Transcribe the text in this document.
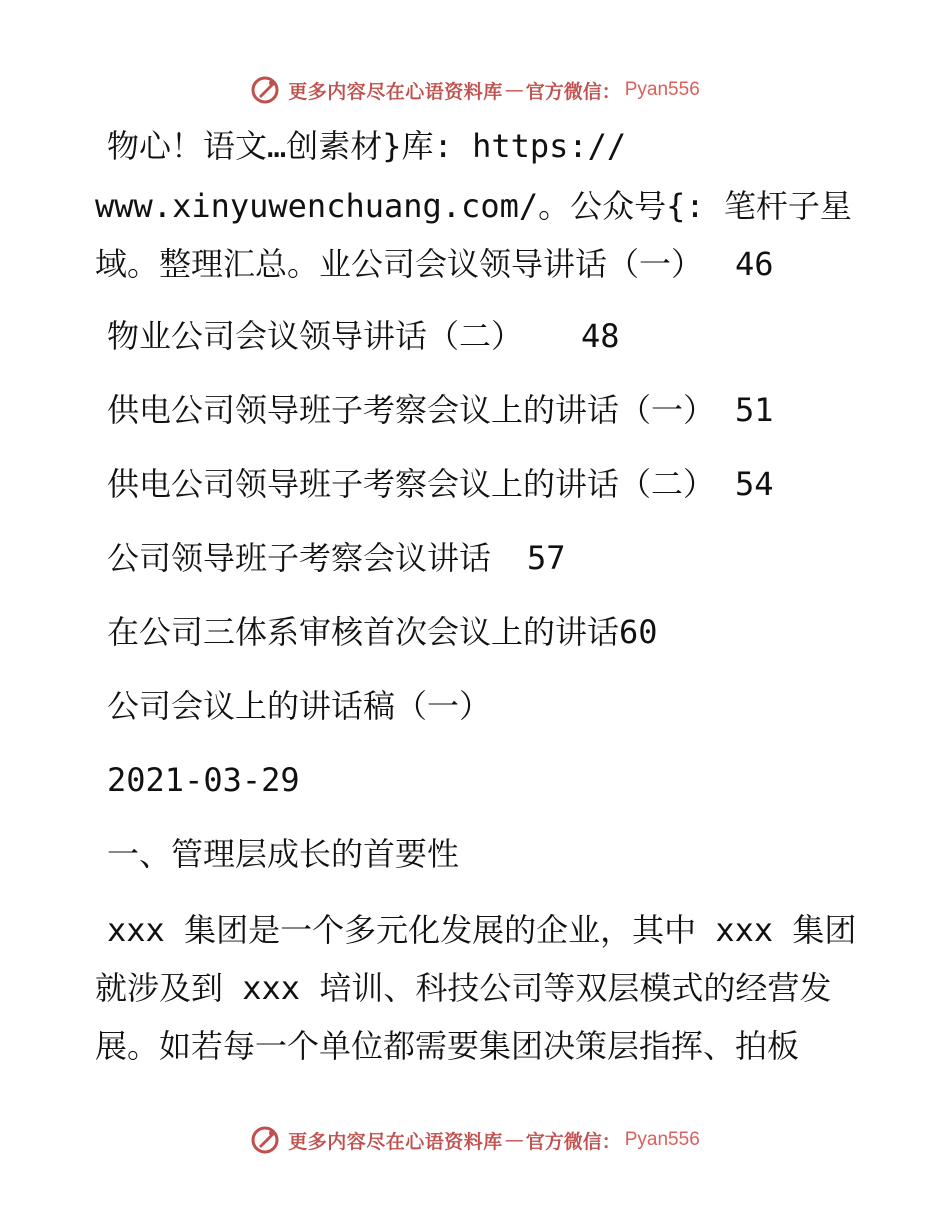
更多内容尽在心语资料库 — 官方微信： Pyan556
物心！语文…创素材}库: https://
www.xinyuwenchuang.com/。公众号{: 笔杆子星
域。整理汇总。业公司会议领导讲话（一） 46
物业公司会议领导讲话（二） 48
供电公司领导班子考察会议上的讲话（一） 51
供电公司领导班子考察会议上的讲话（二） 54
公司领导班子考察会议讲话 57
在公司三体系审核首次会议上的讲话60
公司会议上的讲话稿（一）
2021-03-29
一、管理层成长的首要性
xxx 集团是一个多元化发展的企业，其中 xxx 集团
就涉及到 xxx 培训、科技公司等双层模式的经营发
展。如若每一个单位都需要集团决策层指挥、拍板
更多内容尽在心语资料库 — 官方微信： Pyan556
